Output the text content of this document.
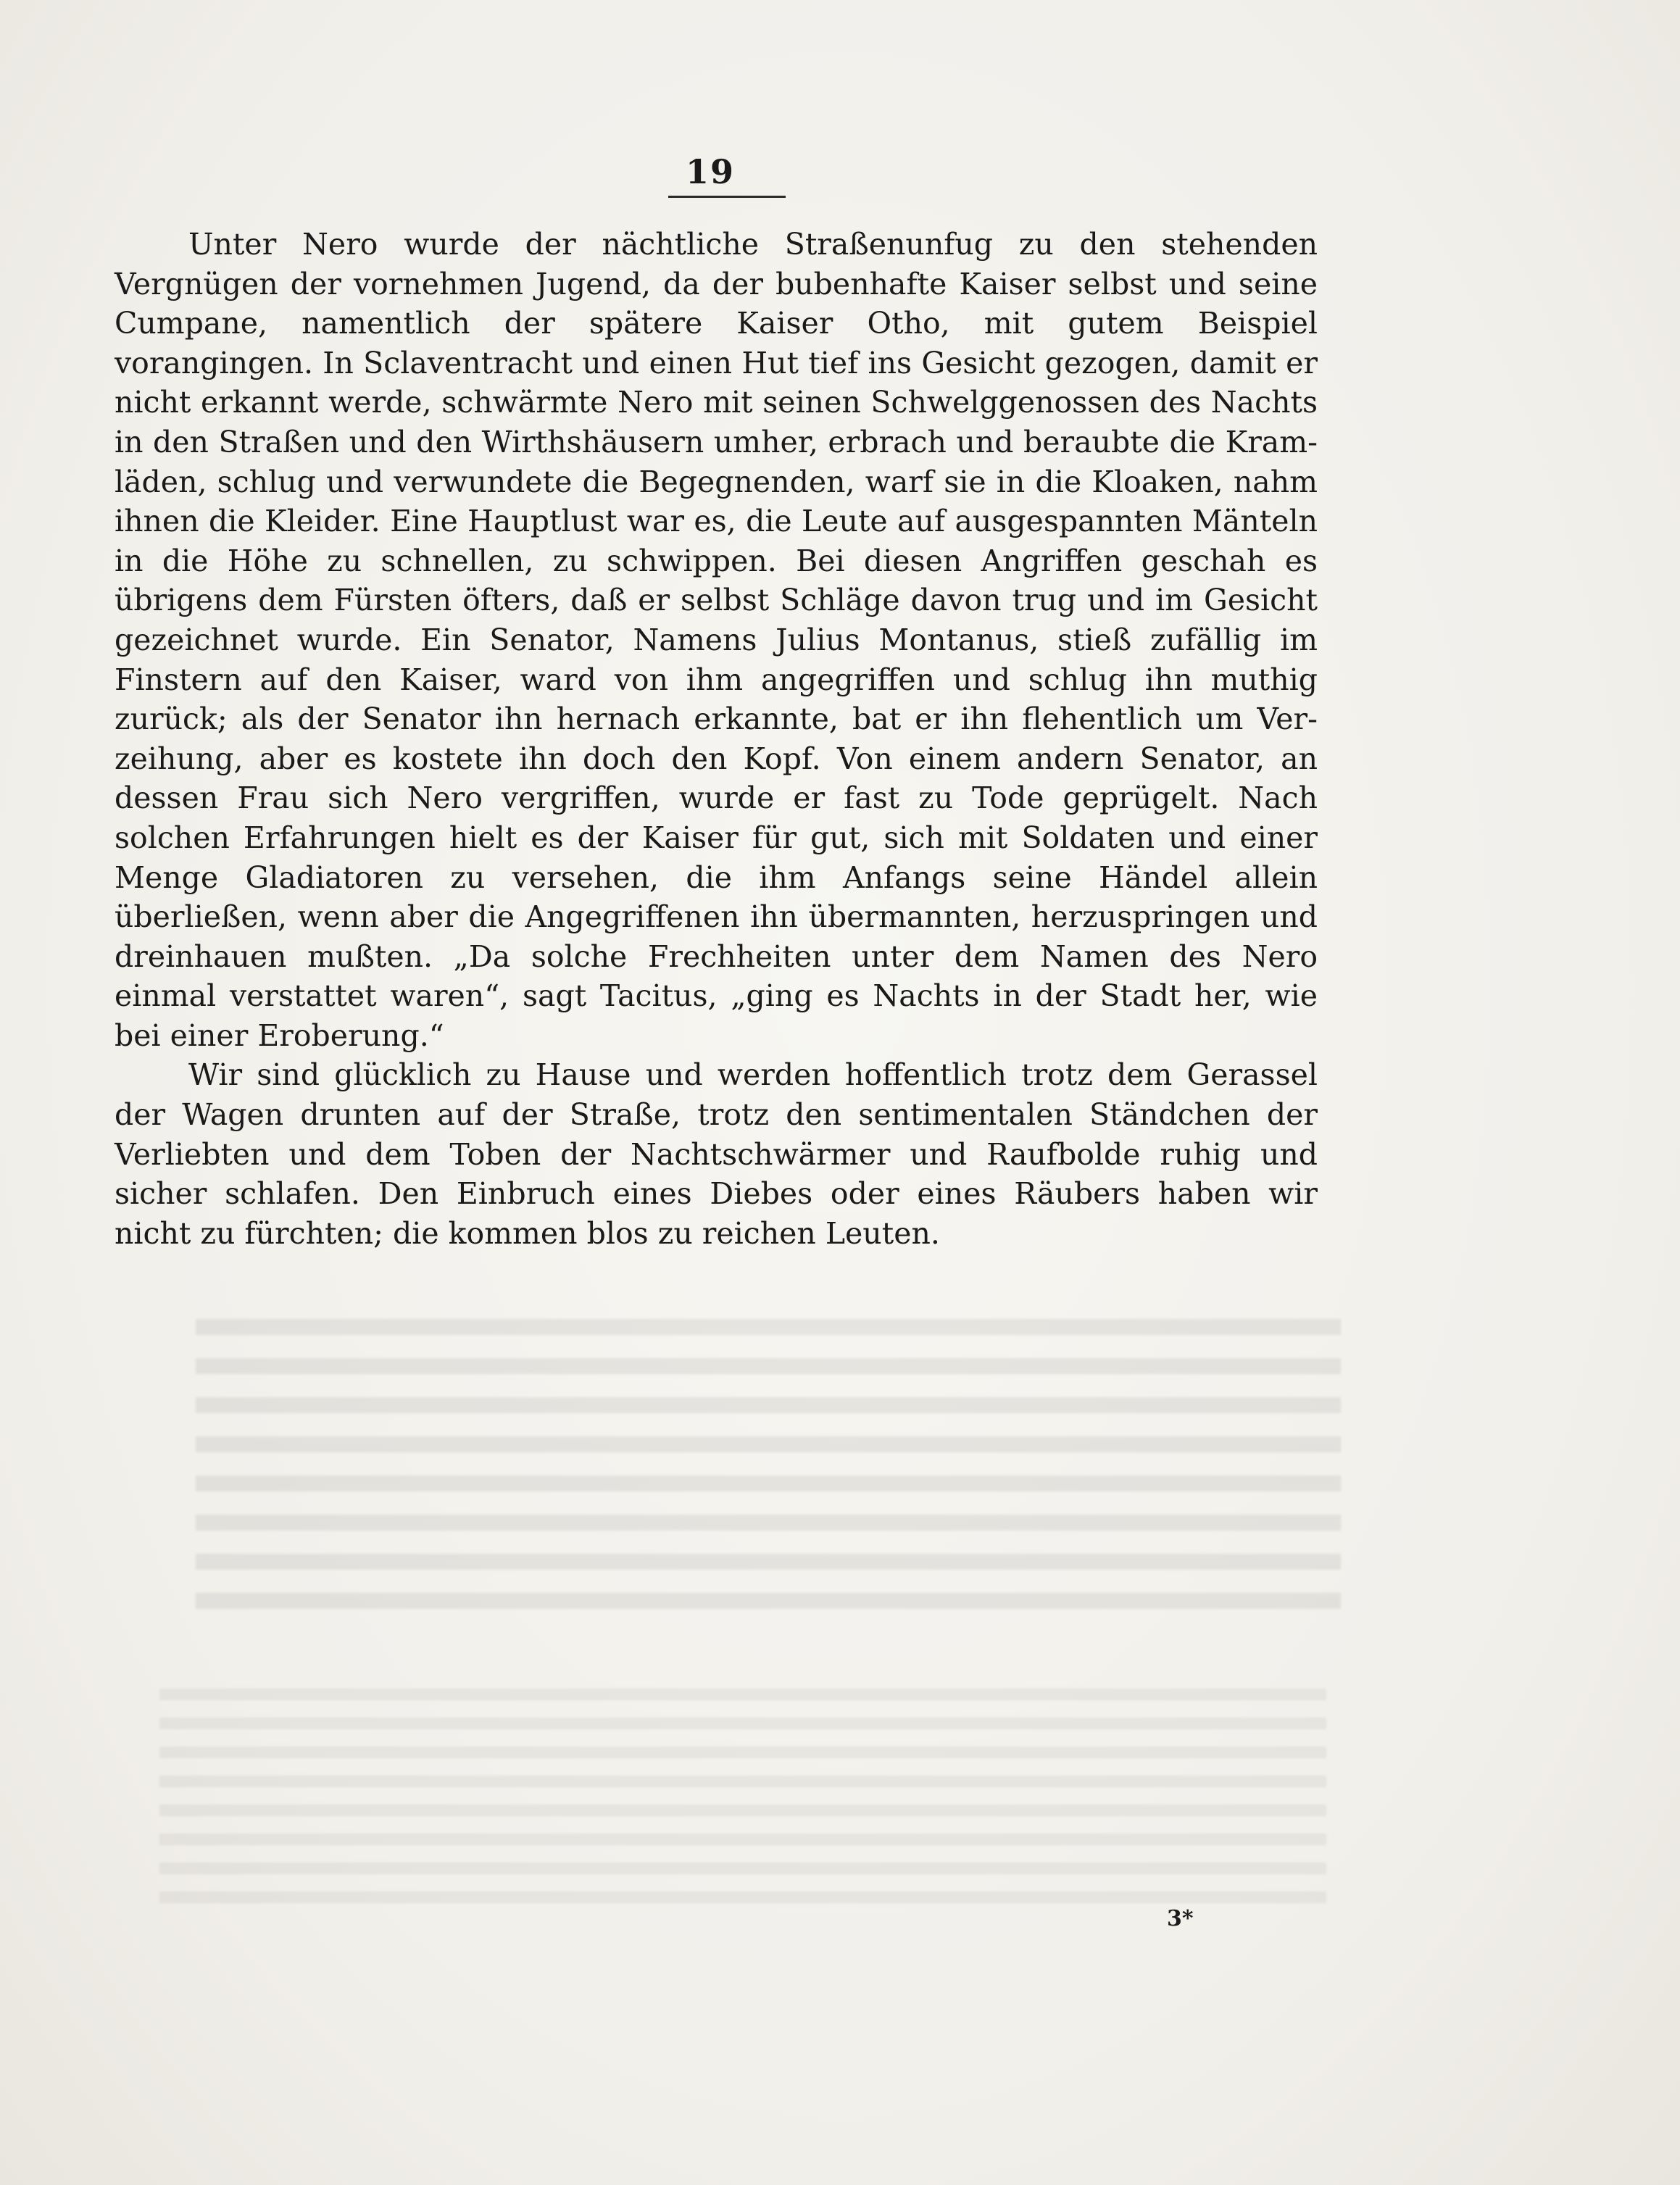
19

Unter Nero wurde der nächtliche Straßenunfug zu den stehenden Vergnügen der vornehmen Jugend, da der bubenhafte Kaiser selbst und seine Cumpane, namentlich der spätere Kaiser Otho, mit gutem Beispiel vorangingen. In Sclaventracht und einen Hut tief ins Gesicht gezogen, damit er nicht erkannt werde, schwärmte Nero mit seinen Schwelggenossen des Nachts in den Straßen und den Wirthshäusern umher, erbrach und beraubte die Kramläden, schlug und verwundete die Begegnenden, warf sie in die Kloaken, nahm ihnen die Kleider. Eine Hauptlust war es, die Leute auf ausgespannten Mänteln in die Höhe zu schnellen, zu schwippen. Bei diesen Angriffen geschah es übrigens dem Fürsten öfters, daß er selbst Schläge davon trug und im Gesicht gezeichnet wurde. Ein Senator, Namens Julius Montanus, stieß zufällig im Finstern auf den Kaiser, ward von ihm angegriffen und schlug ihn muthig zurück; als der Senator ihn hernach erkannte, bat er ihn flehentlich um Verzeihung, aber es kostete ihn doch den Kopf. Von einem andern Senator, an dessen Frau sich Nero vergriffen, wurde er fast zu Tode geprügelt. Nach solchen Erfahrungen hielt es der Kaiser für gut, sich mit Soldaten und einer Menge Gladiatoren zu versehen, die ihm Anfangs seine Händel allein überließen, wenn aber die Angegriffenen ihn übermannten, herzuspringen und dreinhauen mußten. „Da solche Frechheiten unter dem Namen des Nero einmal verstattet waren“, sagt Tacitus, „ging es Nachts in der Stadt her, wie bei einer Eroberung.“

Wir sind glücklich zu Hause und werden hoffentlich trotz dem Gerassel der Wagen drunten auf der Straße, trotz den sentimentalen Ständchen der Verliebten und dem Toben der Nachtschwärmer und Raufbolde ruhig und sicher schlafen. Den Einbruch eines Diebes oder eines Räubers haben wir nicht zu fürchten; die kommen blos zu reichen Leuten.

3*
